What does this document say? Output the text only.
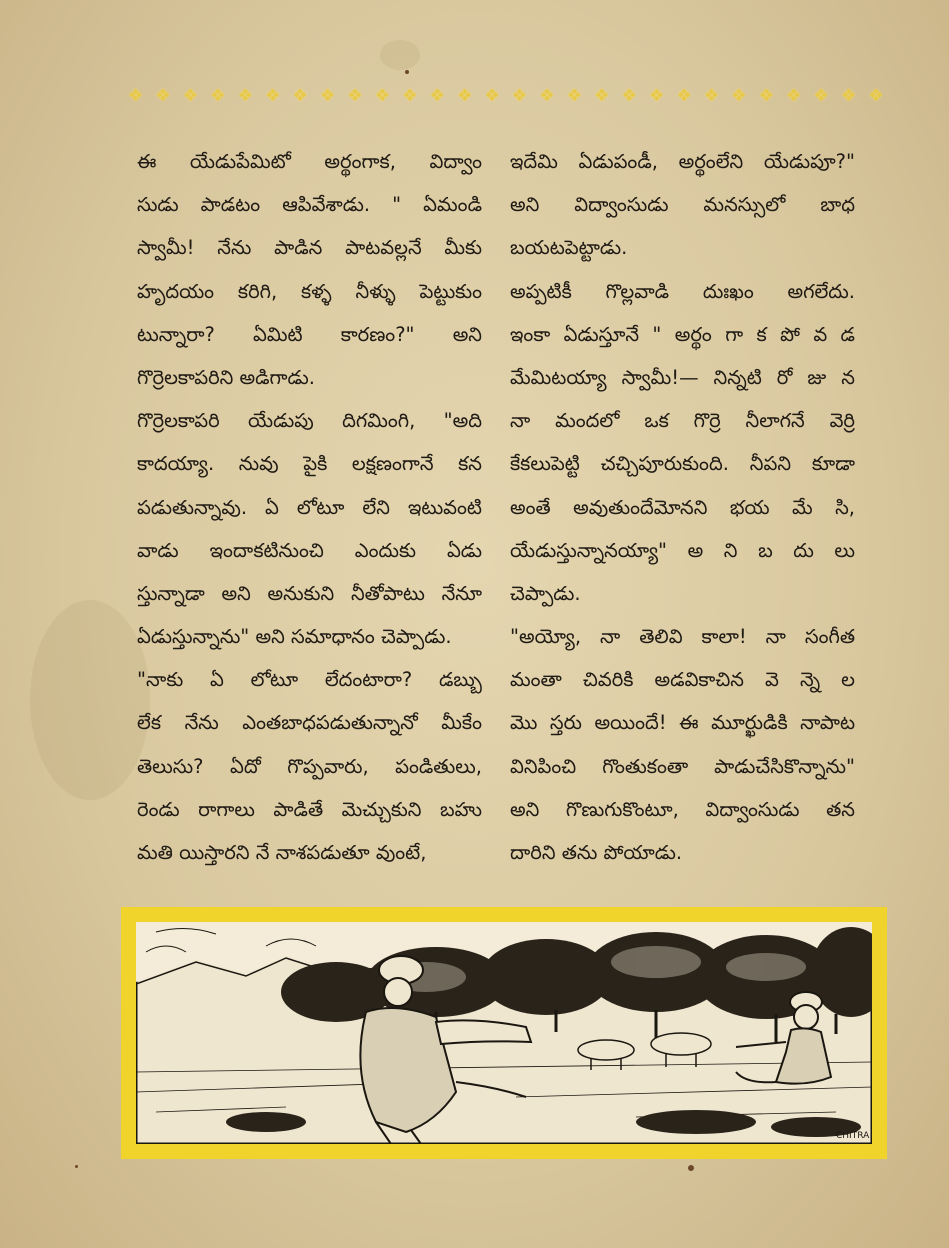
❖ ❖ ❖ ❖ ❖ ❖ ❖ ❖ ❖ ❖ ❖ ❖ ❖ ❖ ❖ ❖ ❖ ❖ ❖ ❖ ❖ ❖ ❖ ❖ ❖ ❖ ❖ ❖
ఈ యేడుపేమిటో అర్థంగాక, విద్వాం
సుడు పాడటం ఆపివేశాడు. " ఏమండి
స్వామీ! నేను పాడిన పాటవల్లనే మీకు
హృదయం కరిగి, కళ్ళ నీళ్ళు పెట్టుకుం
టున్నారా? ఏమిటి కారణం?" అని
గొర్రెలకాపరిని అడిగాడు.
గొర్రెలకాపరి యేడుపు దిగమింగి, "అది
కాదయ్యా. నువు పైకి లక్షణంగానే కన
పడుతున్నావు. ఏ లోటూ లేని ఇటువంటి
వాడు ఇందాకటినుంచి ఎందుకు ఏడు
స్తున్నాడా అని అనుకుని నీతోపాటు నేనూ
ఏడుస్తున్నాను" అని సమాధానం చెప్పాడు.
"నాకు ఏ లోటూ లేదంటారా? డబ్బు
లేక నేను ఎంతబాధపడుతున్నానో మీకేం
తెలుసు? ఏదో గొప్పవారు, పండితులు,
రెండు రాగాలు పాడితే మెచ్చుకుని బహు
మతి యిస్తారని నే నాశపడుతూ వుంటే,
ఇదేమి ఏడుపండీ, అర్థంలేని యేడుపూ?"
అని విద్వాంసుడు మనస్సులో బాధ
బయటపెట్టాడు.
అప్పటికీ గొల్లవాడి దుఃఖం అగలేదు.
ఇంకా ఏడుస్తూనే " అర్థం గా క పో వ డ
మేమిటయ్యా స్వామీ!— నిన్నటి రో జు న
నా మందలో ఒక గొర్రె నీలాగనే వెర్రి
కేకలుపెట్టి చచ్చిపూరుకుంది. నీపని కూడా
అంతే అవుతుందేమోనని భయ మే సి,
యేడుస్తున్నానయ్యా" అ ని బ దు లు
చెప్పాడు.
"అయ్యో, నా తెలివి కాలా! నా సంగీత
మంతా చివరికి అడవికాచిన వె న్నె ల
మొ స్తరు అయిందే! ఈ మూర్ఖుడికి నాపాట
వినిపించి గొంతుకంతా పాడుచేసికొన్నాను"
అని గొణుగుకొంటూ, విద్వాంసుడు తన
దారిని తను పోయాడు.
CHITRA
